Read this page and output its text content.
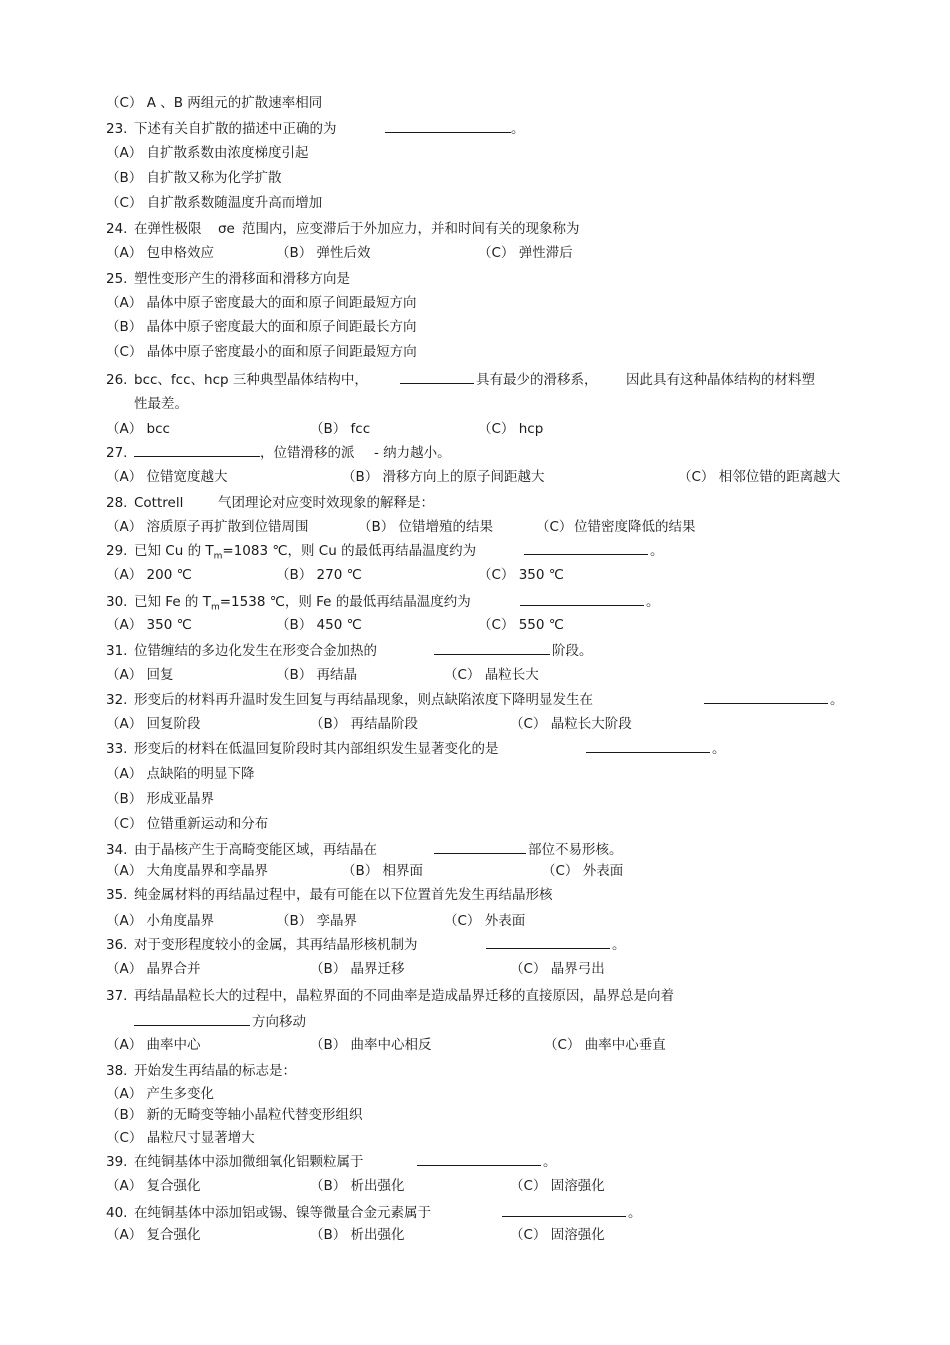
（C） A 、B 两组元的扩散速率相同
23. 下述有关自扩散的描述中正确的为	。
（A） 自扩散系数由浓度梯度引起
（B） 自扩散又称为化学扩散
（C） 自扩散系数随温度升高而增加
24. 在弹性极限 σe 范围内，应变滞后于外加应力，并和时间有关的现象称为
（A） 包申格效应	（B） 弹性后效	（C） 弹性滞后
25. 塑性变形产生的滑移面和滑移方向是
（A） 晶体中原子密度最大的面和原子间距最短方向
（B） 晶体中原子密度最大的面和原子间距最长方向
（C） 晶体中原子密度最小的面和原子间距最短方向
26. bcc、fcc、hcp 三种典型晶体结构中，	具有最少的滑移系， 因此具有这种晶体结构的材料塑
性最差。
（A） bcc	（B） fcc	（C） hcp
27.	，位错滑移的派 - 纳力越小。
（A） 位错宽度越大	（B） 滑移方向上的原子间距越大	（C） 相邻位错的距离越大
28. Cottrell	气团理论对应变时效现象的解释是：
（A） 溶质原子再扩散到位错周围	（B） 位错增殖的结果	（C） 位错密度降低的结果
29. 已知 Cu 的 $T_m=1083$ ℃，则 Cu 的最低再结晶温度约为	。
（A） 200 ℃	（B） 270 ℃	（C） 350 ℃
30. 已知 Fe 的 $T_m=1538$ ℃，则 Fe 的最低再结晶温度约为	。
（A） 350 ℃	（B） 450 ℃	（C） 550 ℃
31. 位错缠结的多边化发生在形变合金加热的	阶段。
（A） 回复	（B） 再结晶	（C） 晶粒长大
32. 形变后的材料再升温时发生回复与再结晶现象，则点缺陷浓度下降明显发生在	。
（A） 回复阶段	（B） 再结晶阶段	（C） 晶粒长大阶段
33. 形变后的材料在低温回复阶段时其内部组织发生显著变化的是	。
（A） 点缺陷的明显下降
（B） 形成亚晶界
（C） 位错重新运动和分布
34. 由于晶核产生于高畸变能区域，再结晶在	部位不易形核。
（A） 大角度晶界和孪晶界	（B） 相界面	（C） 外表面
35. 纯金属材料的再结晶过程中，最有可能在以下位置首先发生再结晶形核
（A） 小角度晶界	（B） 孪晶界	（C） 外表面
36. 对于变形程度较小的金属，其再结晶形核机制为	。
（A） 晶界合并	（B） 晶界迁移	（C） 晶界弓出
37. 再结晶晶粒长大的过程中，晶粒界面的不同曲率是造成晶界迁移的直接原因，晶界总是向着
方向移动
（A） 曲率中心	（B） 曲率中心相反	（C） 曲率中心垂直
38. 开始发生再结晶的标志是：
（A） 产生多变化
（B） 新的无畸变等轴小晶粒代替变形组织
（C） 晶粒尺寸显著增大
39. 在纯铜基体中添加微细氧化铝颗粒属于	。
（A） 复合强化	（B） 析出强化	（C） 固溶强化
40. 在纯铜基体中添加铝或锡、镍等微量合金元素属于	。
（A） 复合强化	（B） 析出强化	（C） 固溶强化
